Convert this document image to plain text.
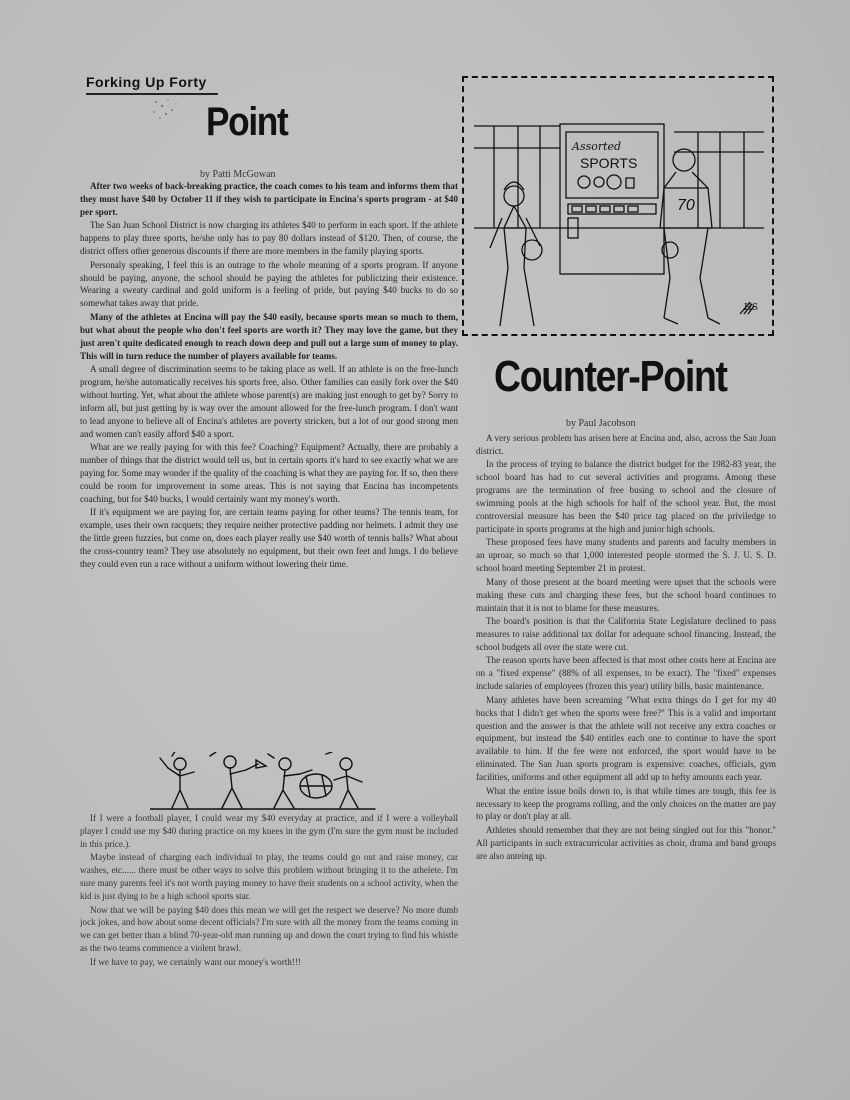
Forking Up Forty
Point
by Patti McGowan

After two weeks of back-breaking practice, the coach comes to his team and informs them that they must have $40 by October 11 if they wish to participate in Encina's sports program - at $40 per sport.

The San Juan School District is now charging its athletes $40 to perform in each sport. If the athlete happens to play three sports, he/she only has to pay 80 dollars instead of $120. Then, of course, the district offers other generous discounts if there are more members in the family playing sports.

Personaly speaking, I feel this is an outrage to the whole meaning of a sports program. If anyone should be paying, anyone, the school should be paying the athletes for publicizing their existence. Wearing a sweaty cardinal and gold uniform is a feeling of pride, but paying $40 bucks to do so somewhat takes away that pride.

Many of the athletes at Encina will pay the $40 easily, because sports mean so much to them, but what about the people who don't feel sports are worth it? They may love the game, but they just aren't quite dedicated enough to reach down deep and pull out a large sum of money to play. This will in turn reduce the number of players available for teams.

A small degree of discrimination seems to be taking place as well. If an athlete is on the free-lunch program, he/she automatically receives his sports free, also. Other families can easily fork over the $40 without hurting. Yet, what about the athlete whose parent(s) are making just enough to get by? Sorry to inform all, but just getting by is way over the amount allowed for the free-lunch program. I don't want to lead anyone to believe all of Encina's athletes are poverty stricken, but a lot of our good strong men and women can't easily afford $40 a sport.

What are we really paying for with this fee? Coaching? Equipment? Actually, there are probably a number of things that the district would tell us, but in certain sports it's hard to see exactly what we are paying for. Some may wonder if the quality of the coaching is what they are paying for. If so, then there could be room for improvement in some areas. This is not saying that Encina has incompetents coaching, but for $40 bucks, I would certainly want my money's worth.

If it's equipment we are paying for, are certain teams paying for other teams? The tennis team, for example, uses their own racquets; they require neither protective padding nor helmets. I admit they use the little green fuzzies, but come on, does each player really use $40 worth of tennis balls? What about the cross-country team? They use absolutely no equipment, but their own feet and lungs. I do believe they could even run a race without a uniform without lowering their time.

If I were a football player, I could wear my $40 everyday at practice, and if I were a volleyball player I could use my $40 during practice on my knees in the gym (I'm sure the gym must be included in this price.).

Maybe instead of charging each individual to play, the teams could go out and raise money, car washes, etc...... there must be other ways to solve this problem without bringing it to the athelete. I'm sure many parents feel it's not worth paying money to have their students on a school activity, when the kid is just dying to be a high school sports star.

Now that we will be paying $40 does this mean we will get the respect we deserve? No more dumb jock jokes, and how about some decent officials? I'm sure with all the money from the teams coming in we can get better than a blind 70-year-old man running up and down the court trying to find his whistle as the two teams commence a violent brawl.

If we have to pay, we certainly want our money's worth!!!

Assorted
SPORTS
70
HS
Counter-Point
by Paul Jacobson

A very serious problem has arisen here at Encina and, also, across the San Juan district.

In the process of trying to balance the district budget for the 1982-83 year, the school board has had to cut several activities and programs. Among these programs are the termination of free busing to school and the closure of swimming pools at the high schools for half of the school year. But, the most controversial measure has been the $40 price tag placed on the priviledge to participate in sports programs at the high and junior high schools.

These proposed fees have many students and parents and faculty members in an uproar, so much so that 1,000 interested people stormed the S. J. U. S. D. school board meeting September 21 in protest.

Many of those present at the board meeting were upset that the schools were making these cuts and charging these fees, but the school board continues to maintain that it is not to blame for these measures.

The board's position is that the California State Legislature declined to pass measures to raise additional tax dollar for adequate school financing. Instead, the school budgets all over the state were cut.

The reason sports have been affected is that most other costs here at Encina are on a "fixed expense" (88% of all expenses, to be exact). The "fixed" expenses include salaries of employees (frozen this year) utility bills, basic maintenance.

Many athletes have been screaming "What extra things do I get for my 40 bucks that I didn't get when the sports were free?" This is a valid and important question and the answer is that the athlete will not receive any extra coaches or equipment, but instead the $40 entitles each one to continue to have the sport available to him. If the fee were not enforced, the sport would have to be eliminated. The San Juan sports program is expensive: coaches, officials, gym facilities, uniforms and other equipment all add up to hefty amounts each year.

What the entire issue boils down to, is that while times are tough, this fee is necessary to keep the programs rolling, and the only choices on the matter are pay to play or don't play at all.

Athletes should remember that they are not being singled out for this "honor." All participants in such extracurricular activities as choir, drama and band groups are also anteing up.
